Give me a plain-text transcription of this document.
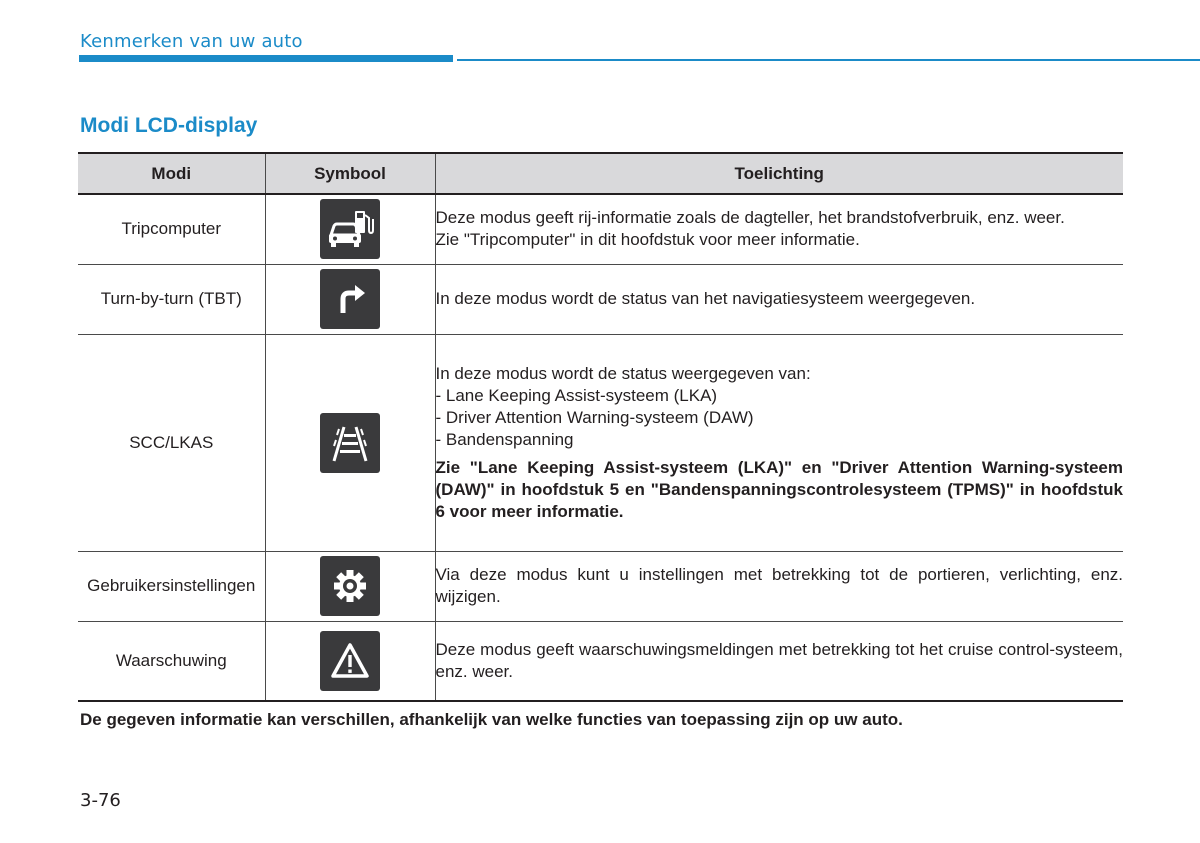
Kenmerken van uw auto
Modi LCD-display
Modi	Symbool	Toelichting
Tripcomputer		Deze modus geeft rij-informatie zoals de dagteller, het brandstofverbruik, enz. weer.
Zie "Tripcomputer" in dit hoofdstuk voor meer informatie.

Turn-by-turn (TBT)		In deze modus wordt de status van het navigatiesysteem weergegeven.

SCC/LKAS		In deze modus wordt de status weergegeven van:
- Lane Keeping Assist-systeem (LKA)
- Driver Attention Warning-systeem (DAW)
- Bandenspanning
Zie "Lane Keeping Assist-systeem (LKA)" en "Driver Attention Warning-systeem (DAW)" in hoofdstuk 5 en "Bandenspanningscontrolesysteem (TPMS)" in hoofdstuk 6 voor meer informatie.

Gebruikersinstellingen		Via deze modus kunt u instellingen met betrekking tot de portieren, verlichting, enz. wijzigen.

Waarschuwing		Deze modus geeft waarschuwingsmeldingen met betrekking tot het cruise control-systeem, enz. weer.
De gegeven informatie kan verschillen, afhankelijk van welke functies van toepassing zijn op uw auto.
3-76
